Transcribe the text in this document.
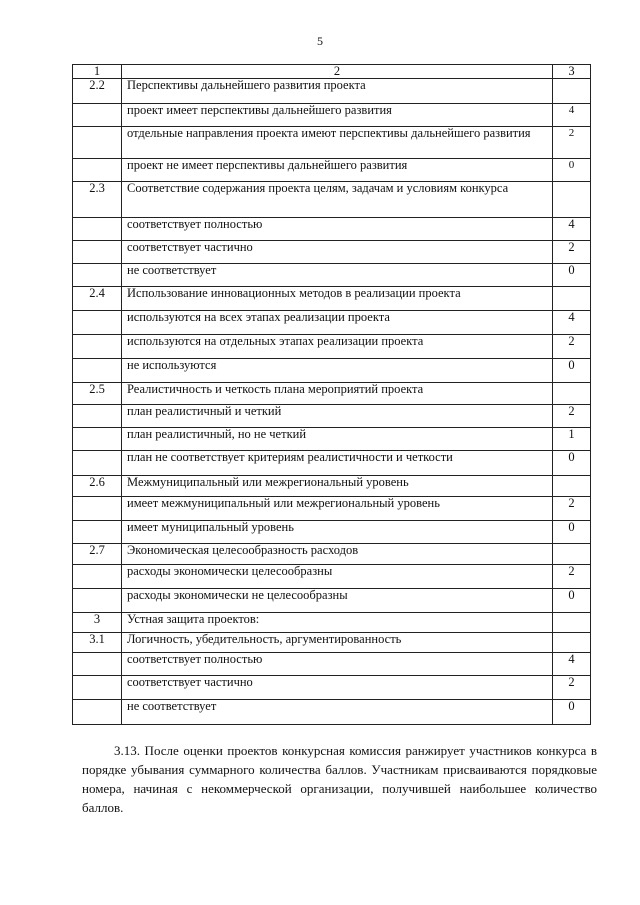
5
1	2	3
2.2	Перспективы дальнейшего развития проекта	
	проект имеет перспективы дальнейшего развития	4
	отдельные направления проекта имеют перспективы дальнейшего развития	2
	проект не имеет перспективы дальнейшего развития	0
2.3	Соответствие содержания проекта целям, задачам и условиям конкурса	
	соответствует полностью	4
	соответствует частично	2
	не соответствует	0
2.4	Использование инновационных методов в реализации проекта	
	используются на всех этапах реализации проекта	4
	используются на отдельных этапах реализации проекта	2
	не используются	0
2.5	Реалистичность и четкость плана мероприятий проекта	
	план реалистичный и четкий	2
	план реалистичный, но не четкий	1
	план не соответствует критериям реалистичности и четкости	0
2.6	Межмуниципальный или межрегиональный уровень	
	имеет межмуниципальный или межрегиональный уровень	2
	имеет муниципальный уровень	0
2.7	Экономическая целесообразность расходов	
	расходы экономически целесообразны	2
	расходы экономически не целесообразны	0
3	Устная защита проектов:	
3.1	Логичность, убедительность, аргументированность	
	соответствует полностью	4
	соответствует частично	2
	не соответствует	0
3.13. После оценки проектов конкурсная комиссия ранжирует участников конкурса в порядке убывания суммарного количества баллов. Участникам присваиваются порядковые номера, начиная с некоммерческой организации, получившей наибольшее количество баллов.
